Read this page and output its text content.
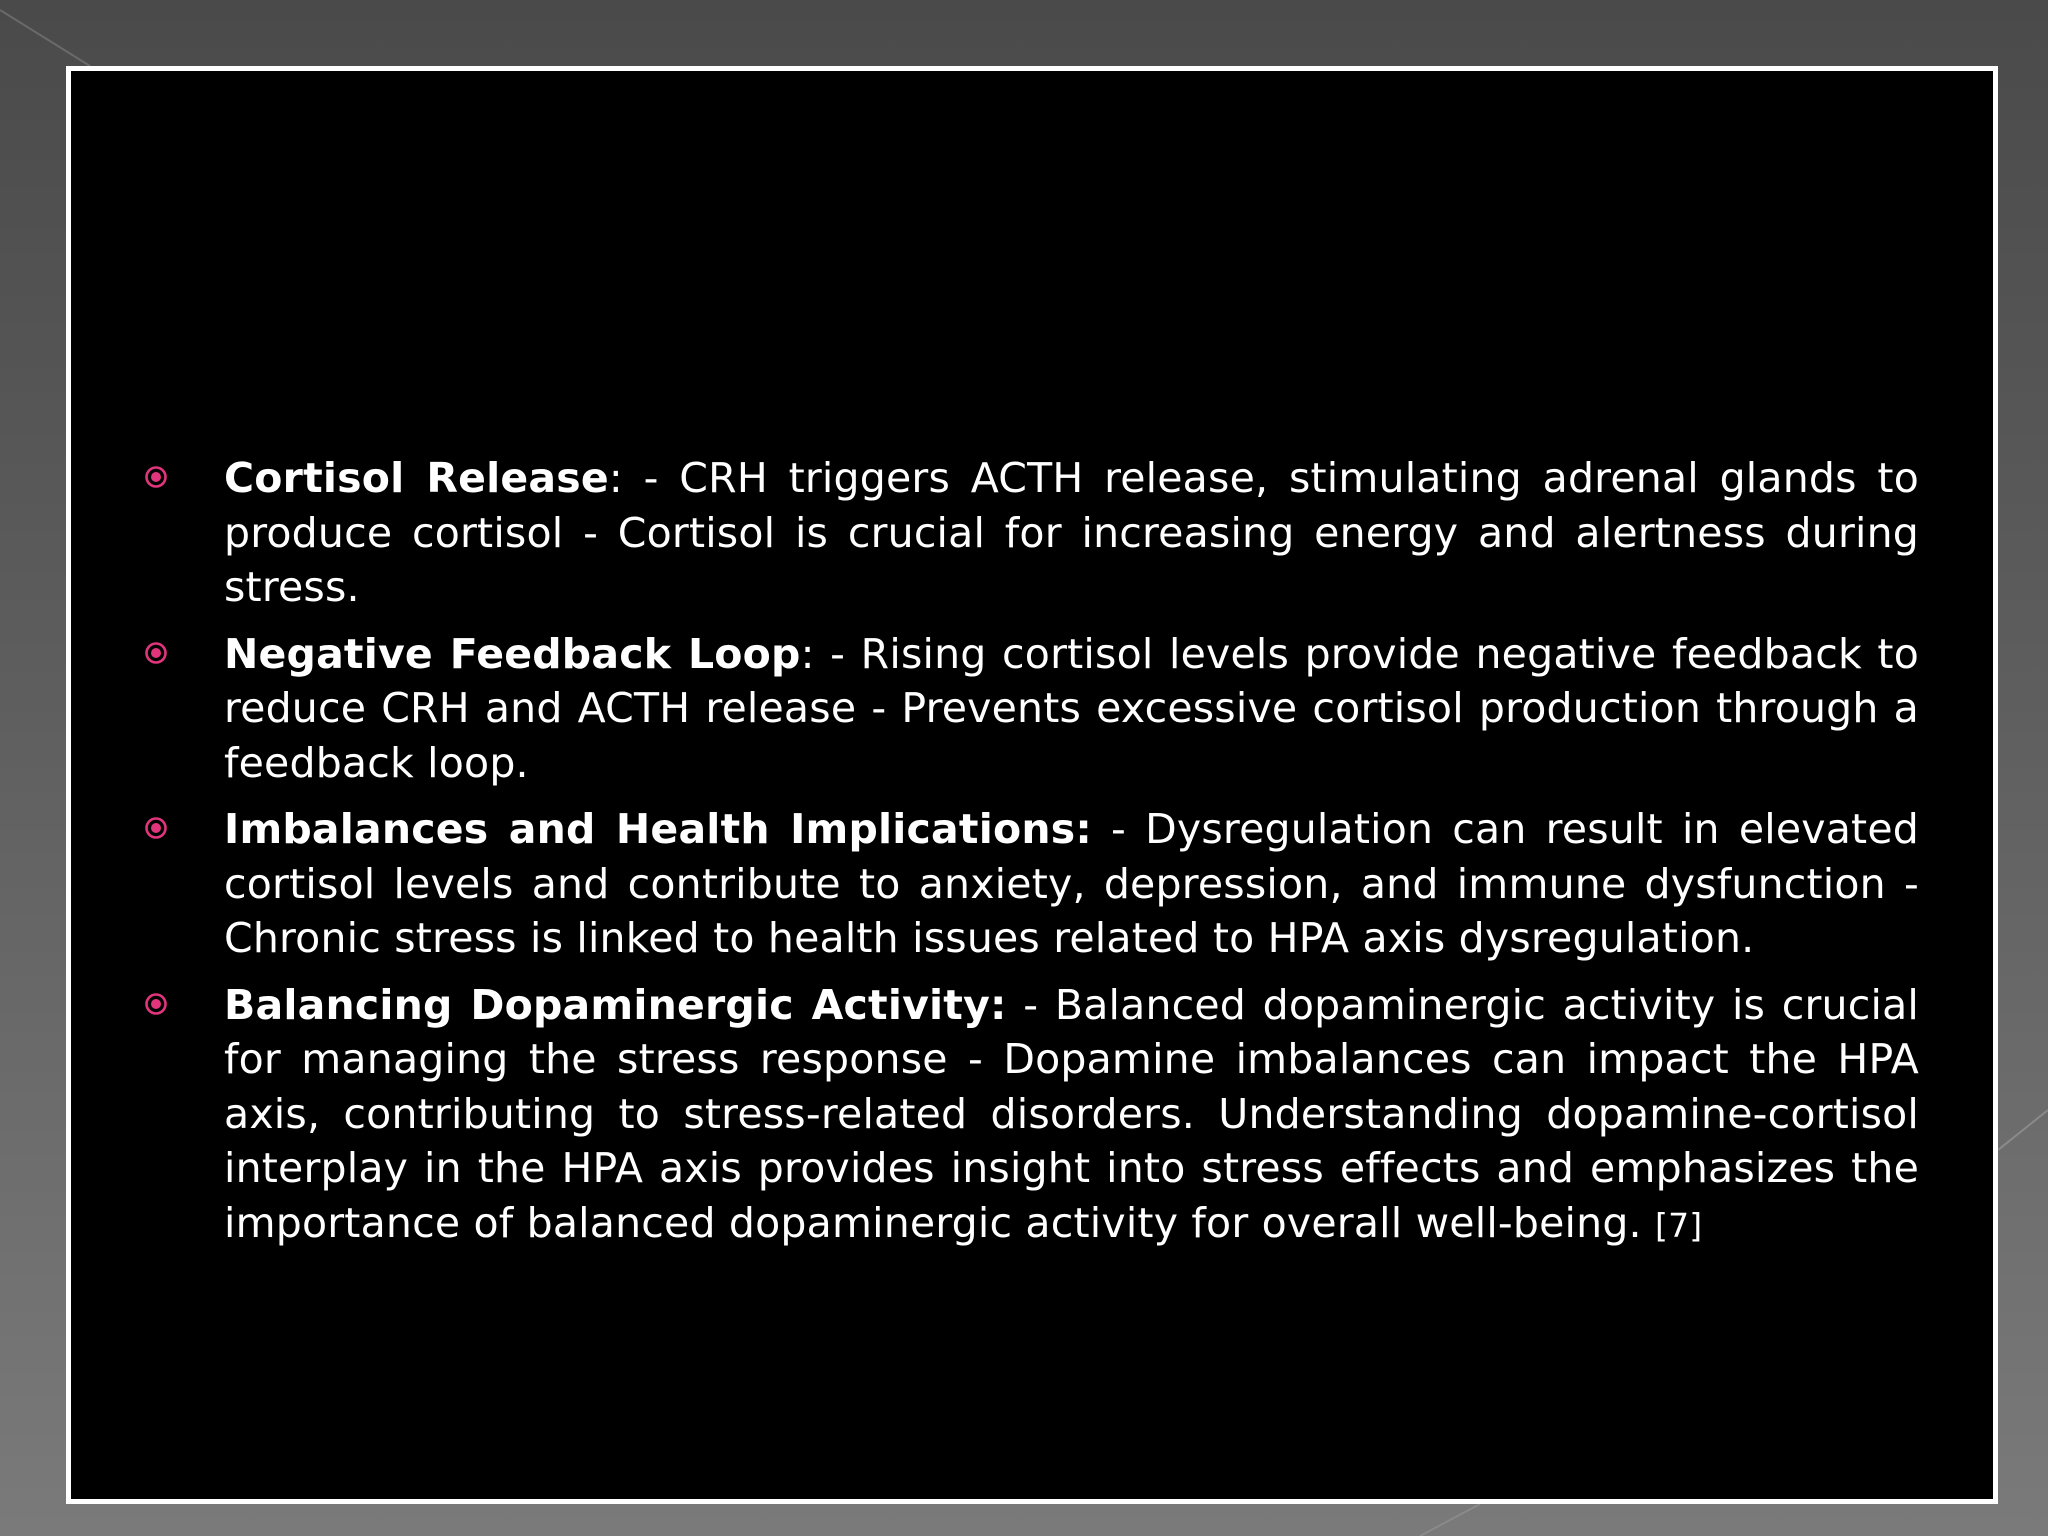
Cortisol Release: - CRH triggers ACTH release, stimulating adrenal glands to produce cortisol - Cortisol is crucial for increasing energy and alertness during stress.
Negative Feedback Loop: - Rising cortisol levels provide negative feedback to reduce CRH and ACTH release - Prevents excessive cortisol production through a feedback loop.
Imbalances and Health Implications: - Dysregulation can result in elevated cortisol levels and contribute to anxiety, depression, and immune dysfunction - Chronic stress is linked to health issues related to HPA axis dysregulation.
Balancing Dopaminergic Activity: - Balanced dopaminergic activity is crucial for managing the stress response - Dopamine imbalances can impact the HPA axis, contributing to stress-related disorders. Understanding dopamine-cortisol interplay in the HPA axis provides insight into stress effects and emphasizes the importance of balanced dopaminergic activity for overall well-being. [7]
